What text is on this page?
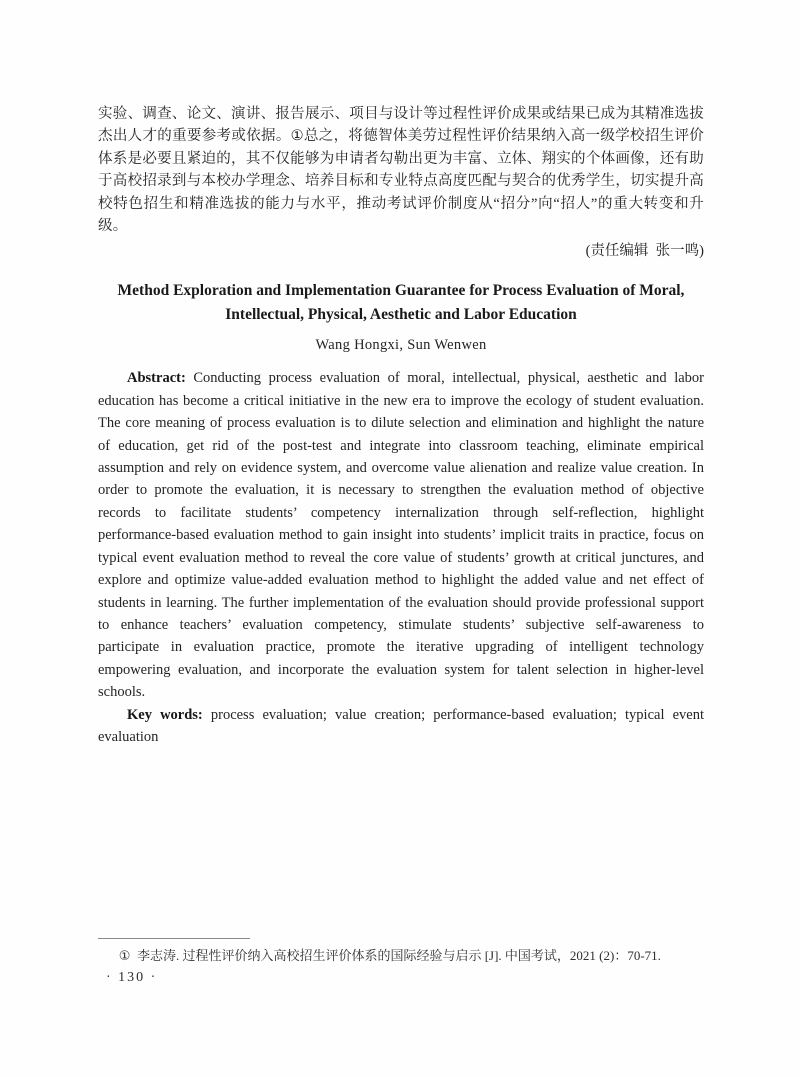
实验、调查、论文、演讲、报告展示、项目与设计等过程性评价成果或结果已成为其精准选拔杰出人才的重要参考或依据。①总之，将德智体美劳过程性评价结果纳入高一级学校招生评价体系是必要且紧迫的，其不仅能够为申请者勾勒出更为丰富、立体、翔实的个体画像，还有助于高校招录到与本校办学理念、培养目标和专业特点高度匹配与契合的优秀学生，切实提升高校特色招生和精准选拔的能力与水平，推动考试评价制度从“招分”向“招人”的重大转变和升级。

(责任编辑  张一鸣)

Method Exploration and Implementation Guarantee for Process Evaluation of Moral,
Intellectual, Physical, Aesthetic and Labor Education

Wang Hongxi, Sun Wenwen

Abstract: Conducting process evaluation of moral, intellectual, physical, aesthetic and labor education has become a critical initiative in the new era to improve the ecology of student evaluation. The core meaning of process evaluation is to dilute selection and elimination and highlight the nature of education, get rid of the post-test and integrate into classroom teaching, eliminate empirical assumption and rely on evidence system, and overcome value alienation and realize value creation. In order to promote the evaluation, it is necessary to strengthen the evaluation method of objective records to facilitate students’ competency internalization through self-reflection, highlight performance-based evaluation method to gain insight into students’ implicit traits in practice, focus on typical event evaluation method to reveal the core value of students’ growth at critical junctures, and explore and optimize value-added evaluation method to highlight the added value and net effect of students in learning. The further implementation of the evaluation should provide professional support to enhance teachers’ evaluation competency, stimulate students’ subjective self-awareness to participate in evaluation practice, promote the iterative upgrading of intelligent technology empowering evaluation, and incorporate the evaluation system for talent selection in higher-level schools.

Key words: process evaluation; value creation; performance-based evaluation; typical event evaluation

①  李志涛. 过程性评价纳入高校招生评价体系的国际经验与启示 [J]. 中国考试，2021 (2)：70-71.

· 130 ·
